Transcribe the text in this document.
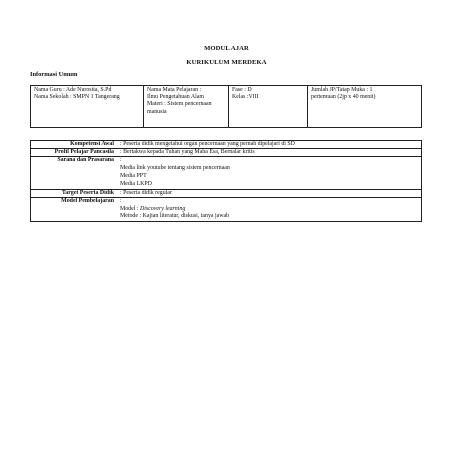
MODUL AJAR
KURIKULUM MERDEKA
Informasi Umum
Nama Guru : Ade Nurosita, S.Pd
Nama Sekolah : SMPN 1 Tangerang

Nama Mata Pelajaran :
Ilmu Pengetahuan Alam
Materi : Sistem pencernaan
manusia

Fase : D
Kelas :VIII

Jumlah JP/Tatap Muka : 1
pertemuan (2jp x 40 menit)
Kompetensi Awal	: Peserta didik mengetahui organ pencernaan yang pernah dipelajari di SD
Profil Pelajar Pancasila	: Bertakwa kepada Tuhan yang Maha Esa, Bernalar kritis
Sarana dan Prasarana	:
Media link youtube tentang sistem pencernaan
Media PPT
Media LKPD

Target Peserta Didik	: Peserta didik regular
Model Pembelajaran	:
Model : Discovery learning
Metode : Kajian literatur, diskusi, tanya jawab
